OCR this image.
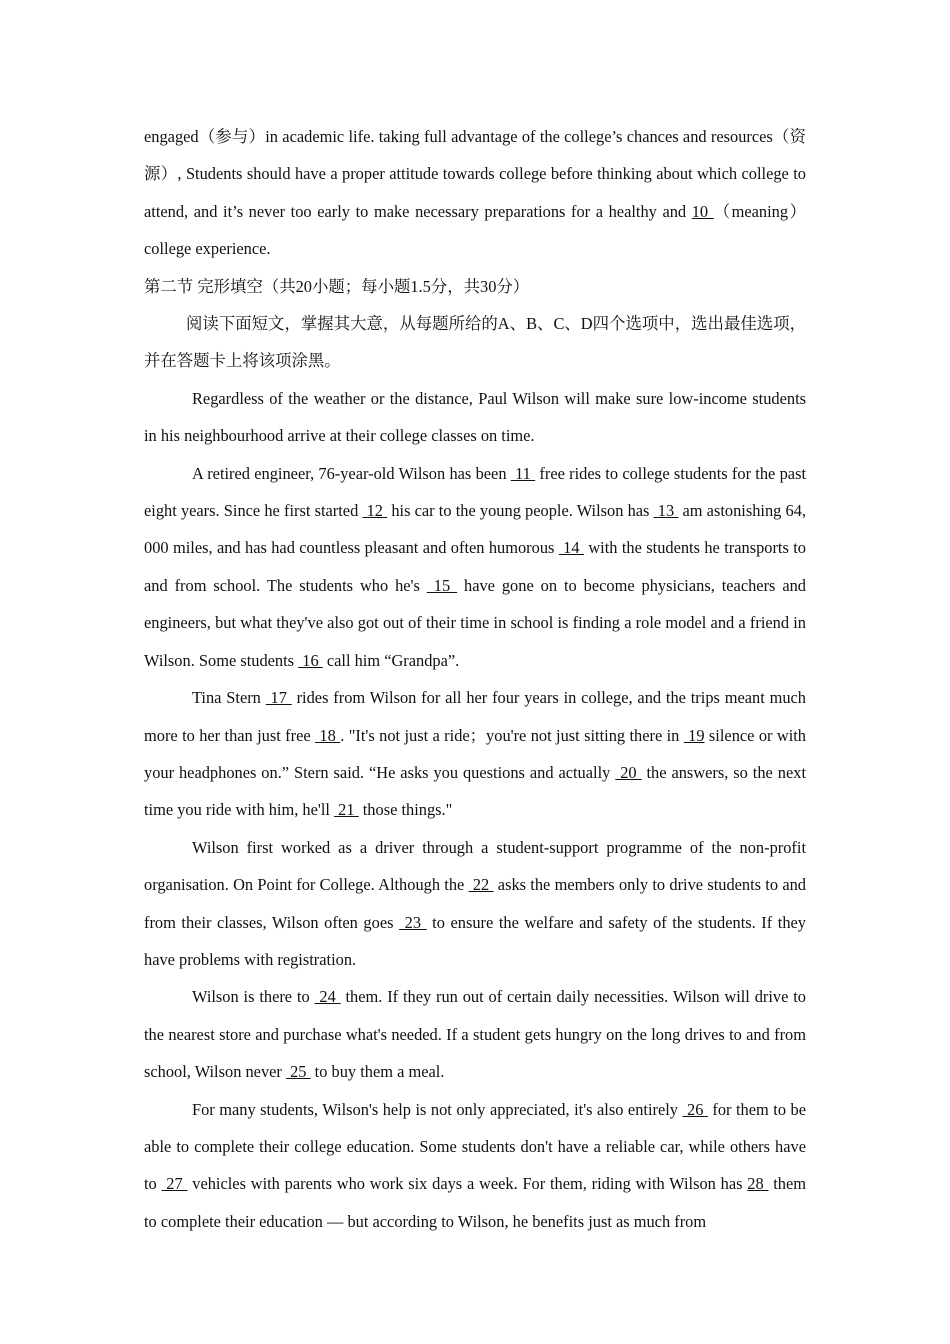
engaged（参与）in academic life. taking full advantage of the college’s chances and resources（资源）, Students should have a proper attitude towards college before thinking about which college to attend, and it’s never too early to make necessary preparations for a healthy and 10 （meaning）college experience.

第二节 完形填空（共20小题；每小题1.5分，共30分）

阅读下面短文，掌握其大意，从每题所给的A、B、C、D四个选项中，选出最佳选项，并在答题卡上将该项涂黑。

Regardless of the weather or the distance, Paul Wilson will make sure low-income students in his neighbourhood arrive at their college classes on time.

A retired engineer, 76-year-old Wilson has been  11  free rides to college students for the past eight years. Since he first started  12  his car to the young people. Wilson has  13  am astonishing 64, 000 miles, and has had countless pleasant and often humorous  14  with the students he transports to and from school. The students who he's  15  have gone on to become physicians, teachers and engineers, but what they've also got out of their time in school is finding a role model and a friend in Wilson. Some students  16  call him “Grandpa”.

Tina Stern  17  rides from Wilson for all her four years in college, and the trips meant much more to her than just free  18 . "It's not just a ride；you're not just sitting there in  19 silence or with your headphones on.” Stern said. “He asks you questions and actually  20  the answers, so the next time you ride with him, he'll  21  those things."

Wilson first worked as a driver through a student-support programme of the non-profit organisation. On Point for College. Although the  22  asks the members only to drive students to and from their classes, Wilson often goes  23  to ensure the welfare and safety of the students. If they have problems with registration.

Wilson is there to  24  them. If they run out of certain daily necessities. Wilson will drive to the nearest store and purchase what's needed. If a student gets hungry on the long drives to and from school, Wilson never  25  to buy them a meal.

For many students, Wilson's help is not only appreciated, it's also entirely  26  for them to be able to complete their college education. Some students don't have a reliable car, while others have to  27  vehicles with parents who work six days a week. For them, riding with Wilson has 28  them to complete their education — but according to Wilson, he benefits just as much from
